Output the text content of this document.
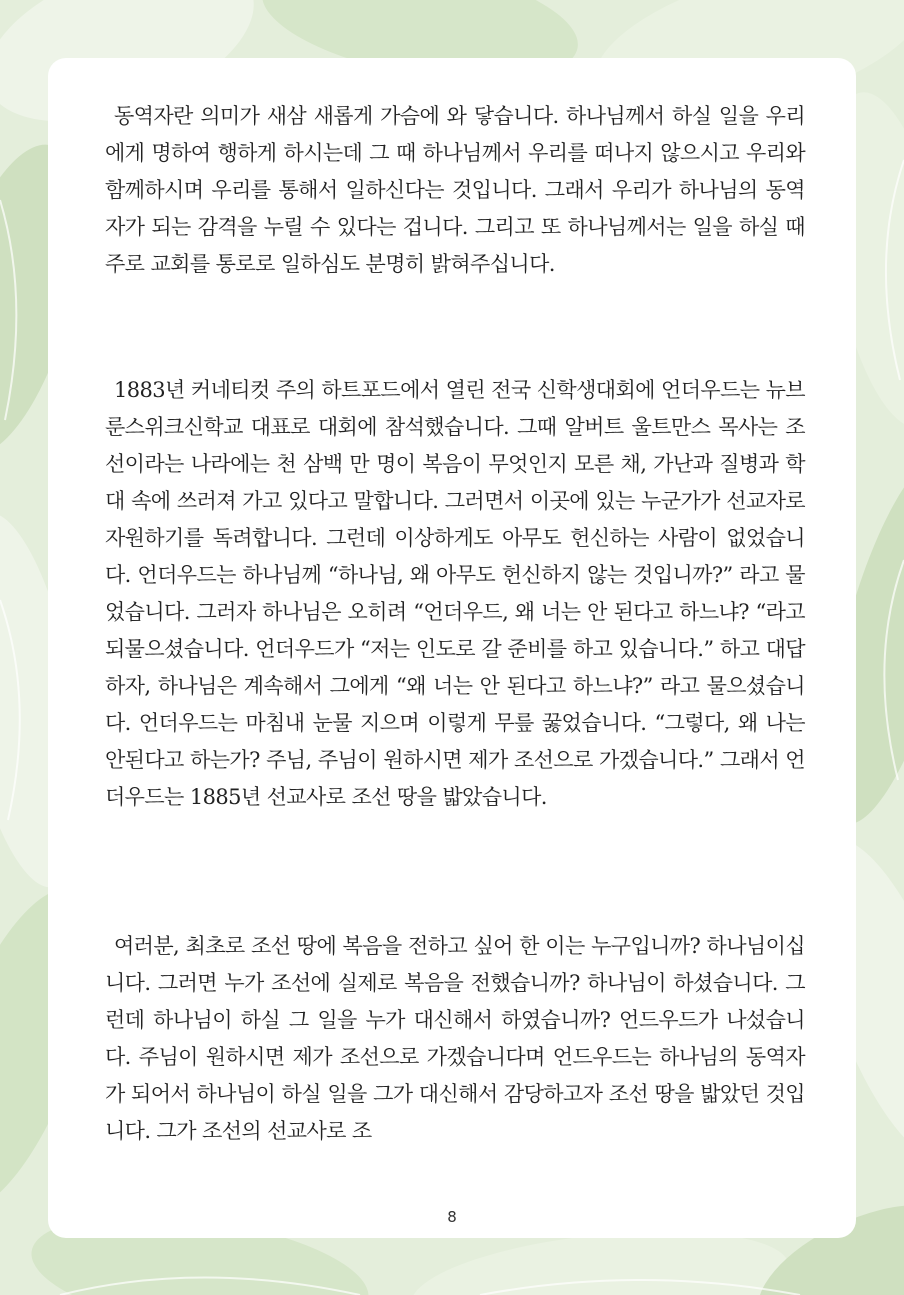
동역자란 의미가 새삼 새롭게 가슴에 와 닿습니다. 하나님께서 하실 일을 우리에게 명하여 행하게 하시는데 그 때 하나님께서 우리를 떠나지 않으시고 우리와 함께하시며 우리를 통해서 일하신다는 것입니다. 그래서 우리가 하나님의 동역자가 되는 감격을 누릴 수 있다는 겁니다. 그리고 또 하나님께서는 일을 하실 때 주로 교회를 통로로 일하심도 분명히 밝혀주십니다.

1883년 커네티컷 주의 하트포드에서 열린 전국 신학생대회에 언더우드는 뉴브룬스위크신학교 대표로 대회에 참석했습니다. 그때 알버트 울트만스 목사는 조선이라는 나라에는 천 삼백 만 명이 복음이 무엇인지 모른 채, 가난과 질병과 학대 속에 쓰러져 가고 있다고 말합니다. 그러면서 이곳에 있는 누군가가 선교자로 자원하기를 독려합니다. 그런데 이상하게도 아무도 헌신하는 사람이 없었습니다. 언더우드는 하나님께 “하나님, 왜 아무도 헌신하지 않는 것입니까?” 라고 물었습니다. 그러자 하나님은 오히려 “언더우드, 왜 너는 안 된다고 하느냐? “라고 되물으셨습니다. 언더우드가 “저는 인도로 갈 준비를 하고 있습니다.” 하고 대답하자, 하나님은 계속해서 그에게 “왜 너는 안 된다고 하느냐?” 라고 물으셨습니다. 언더우드는 마침내 눈물 지으며 이렇게 무릎 꿇었습니다. “그렇다, 왜 나는 안된다고 하는가? 주님, 주님이 원하시면 제가 조선으로 가겠습니다.” 그래서 언더우드는 1885년 선교사로 조선 땅을 밟았습니다.

여러분, 최초로 조선 땅에 복음을 전하고 싶어 한 이는 누구입니까? 하나님이십니다. 그러면 누가 조선에 실제로 복음을 전했습니까? 하나님이 하셨습니다. 그런데 하나님이 하실 그 일을 누가 대신해서 하였습니까? 언드우드가 나섰습니다. 주님이 원하시면 제가 조선으로 가겠습니다며 언드우드는 하나님의 동역자가 되어서 하나님이 하실 일을 그가 대신해서 감당하고자 조선 땅을 밟았던 것입니다. 그가 조선의 선교사로 조

8
